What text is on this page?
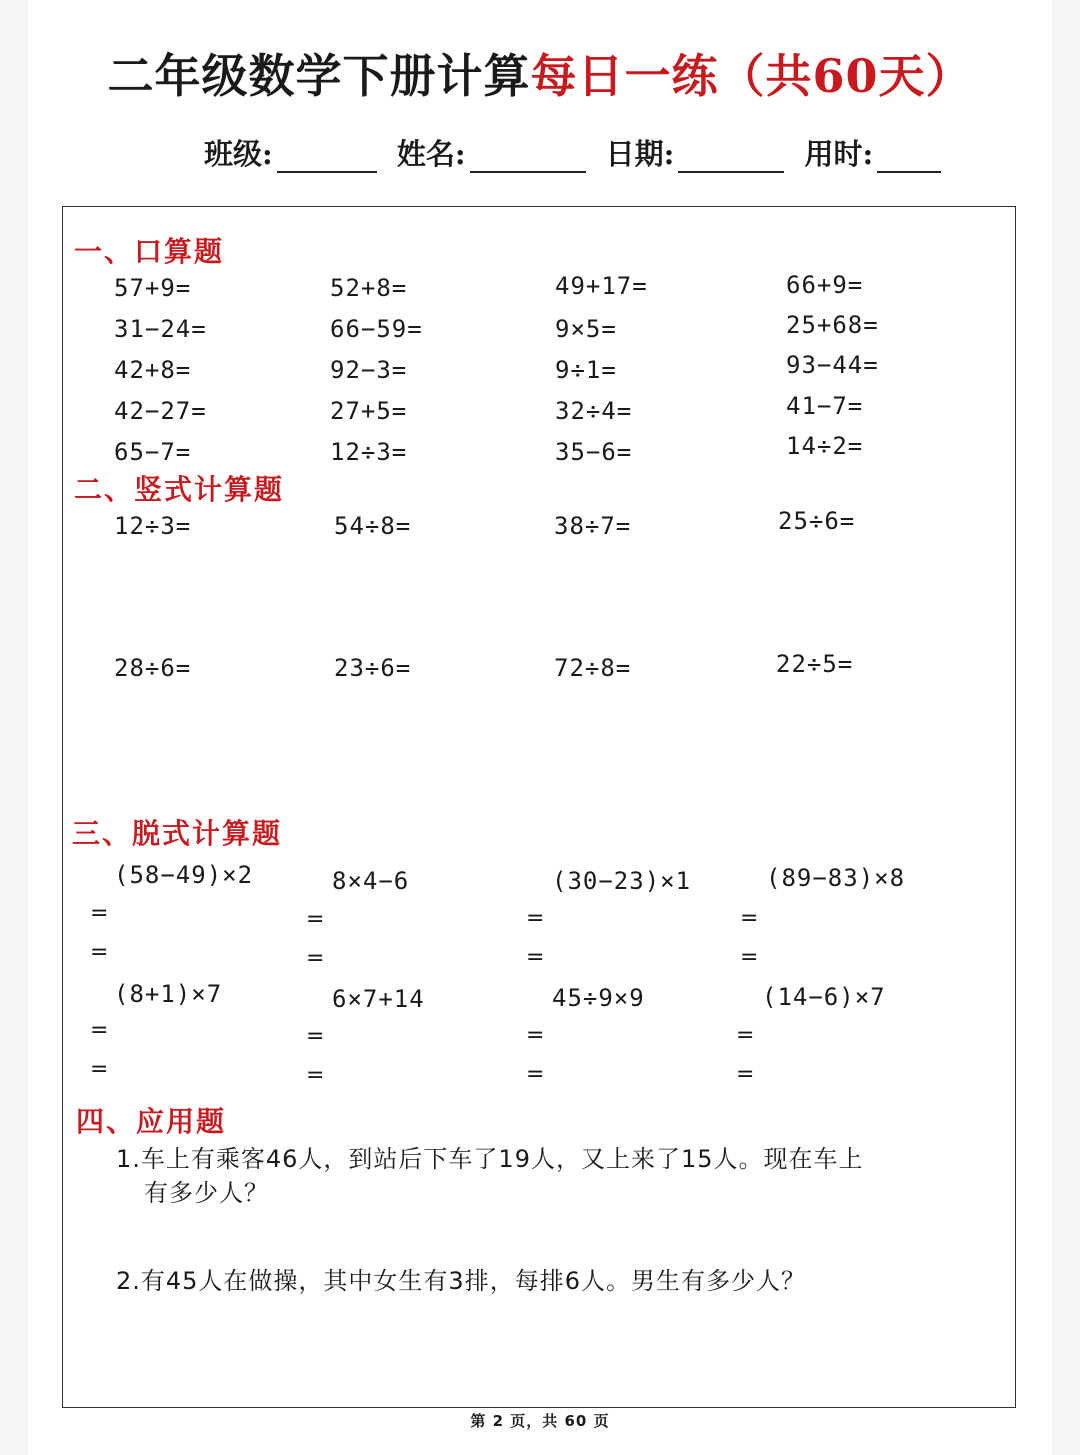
二年级数学下册计算每日一练（共60天）
班级:	姓名:	日期:	用时:
一、口算题
57+9=	52+8=	49+17=	66+9=
31−24=	66−59=	9×5=	25+68=
42+8=	92−3=	9÷1=	93−44=
42−27=	27+5=	32÷4=	41−7=
65−7=	12÷3=	35−6=	14÷2=
二、竖式计算题
12÷3=	54÷8=	38÷7=	25÷6=
28÷6=	23÷6=	72÷8=	22÷5=
三、脱式计算题
(58−49)×2	8×4−6	(30−23)×1	(89−83)×8
=	=	=	=
=	=	=	=
(8+1)×7	6×7+14	45÷9×9	(14−6)×7
=	=	=	=
=	=	=	=
四、应用题
1.车上有乘客46人，到站后下车了19人，又上来了15人。现在车上
有多少人？
2.有45人在做操，其中女生有3排，每排6人。男生有多少人？
第 2 页，共 60 页
